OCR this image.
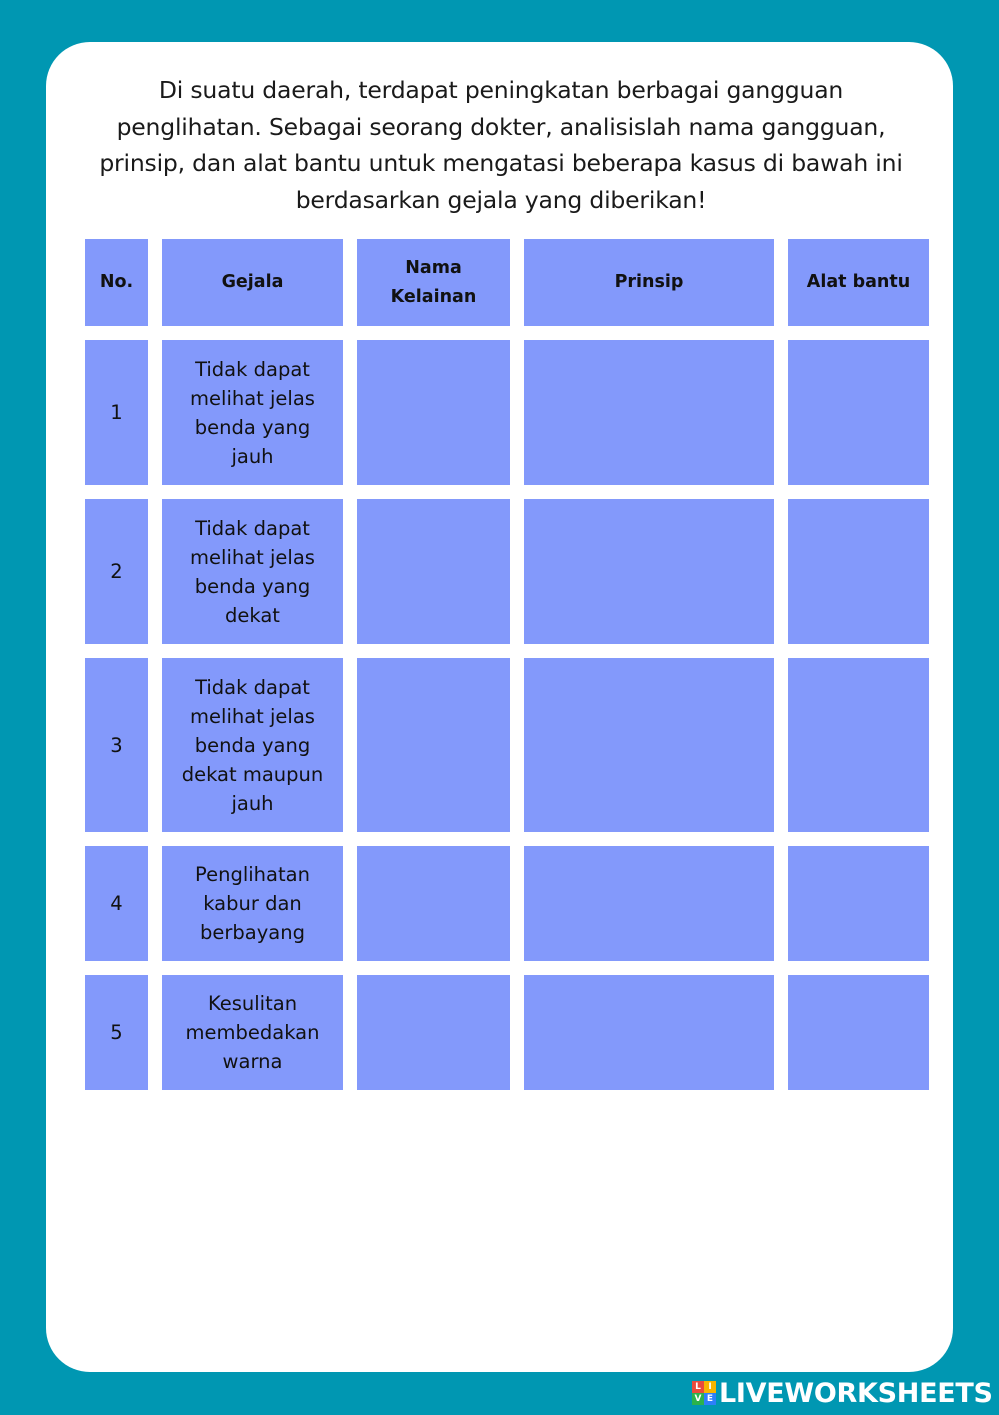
Di suatu daerah, terdapat peningkatan berbagai gangguan penglihatan. Sebagai seorang dokter, analisislah nama gangguan, prinsip, dan alat bantu untuk mengatasi beberapa kasus di bawah ini berdasarkan gejala yang diberikan!
No.	Gejala
Nama Kelainan
Prinsip	Alat bantu
1
Tidak dapat melihat jelas benda yang jauh
2
Tidak dapat melihat jelas benda yang dekat
3
Tidak dapat melihat jelas benda yang dekat maupun jauh
4
Penglihatan kabur dan berbayang
5
Kesulitan membedakan warna
L I
V E LIVEWORKSHEETS
